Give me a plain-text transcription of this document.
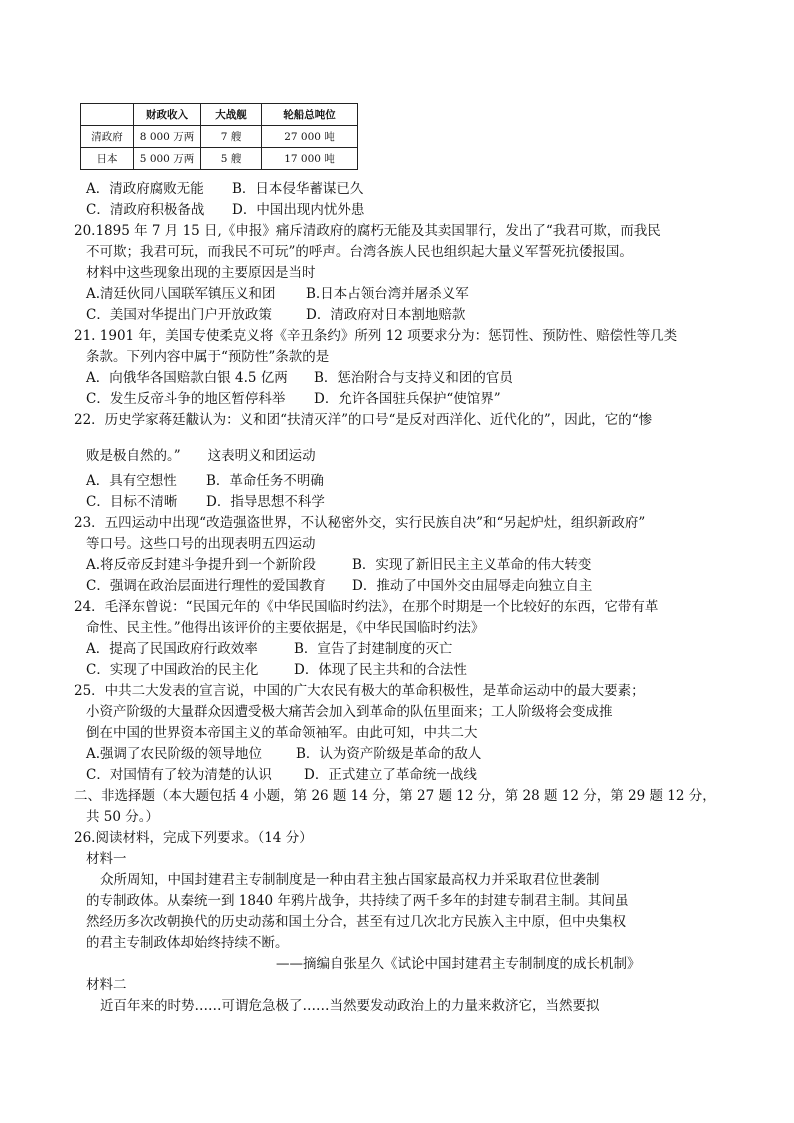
	财政收入	大战舰	轮船总吨位
清政府	8 000 万两	7 艘	27 000 吨
日本	5 000 万两	5 艘	17 000 吨
A．清政府腐败无能 B．日本侵华蓄谋已久
C．清政府积极备战 D．中国出现内忧外患
20.1895 年 7 月 15 日,《申报》痛斥清政府的腐朽无能及其卖国罪行，发出了“我君可欺，而我民
不可欺；我君可玩，而我民不可玩”的呼声。台湾各族人民也组织起大量义军誓死抗倭报国。
材料中这些现象出现的主要原因是当时
A.清廷伙同八国联军镇压义和团 B.日本占领台湾并屠杀义军
C．美国对华提出门户开放政策	D．清政府对日本割地赔款
21. 1901 年，美国专使柔克义将《辛丑条约》所列 12 项要求分为：惩罚性、预防性、赔偿性等几类
条款。下列内容中属于“预防性”条款的是
A．向俄华各国赔款白银 4.5 亿两 B．惩治附合与支持义和团的官员
C．发生反帝斗争的地区暂停科举 D．允许各国驻兵保护“使馆界”
22．历史学家蒋廷黻认为：义和团“扶清灭洋”的口号“是反对西洋化、近代化的”，因此，它的“惨
败是极自然的。”　　这表明义和团运动
A．具有空想性 B．革命任务不明确
C．目标不清晰 D．指导思想不科学
23．五四运动中出现“改造强盗世界，不认秘密外交，实行民族自决”和“另起炉灶，组织新政府”
等口号。这些口号的出现表明五四运动
A.将反帝反封建斗争提升到一个新阶段	B．实现了新旧民主主义革命的伟大转变
C．强调在政治层面进行理性的爱国教育 D．推动了中国外交由屈辱走向独立自主
24．毛泽东曾说：“民国元年的《中华民国临时约法》，在那个时期是一个比较好的东西，它带有革
命性、民主性。”他得出该评价的主要依据是，《中华民国临时约法》
A．提高了民国政府行政效率	B．宣告了封建制度的灭亡
C．实现了中国政治的民主化	D．体现了民主共和的合法性
25．中共二大发表的宣言说，中国的广大农民有极大的革命积极性，是革命运动中的最大要素；
小资产阶级的大量群众因遭受极大痛苦会加入到革命的队伍里面来；工人阶级将会变成推
倒在中国的世界资本帝国主义的革命领袖军。由此可知，中共二大
A.强调了农民阶级的领导地位	B．认为资产阶级是革命的敌人
C．对国情有了较为清楚的认识 D．正式建立了革命统一战线
二、非选择题（本大题包括 4 小题，第 26 题 14 分，第 27 题 12 分，第 28 题 12 分，第 29 题 12 分，
共 50 分。）
26.阅读材料，完成下列要求。（14 分）
材料一
众所周知，中国封建君主专制制度是一种由君主独占国家最高权力并采取君位世袭制
的专制政体。从秦统一到 1840 年鸦片战争，共持续了两千多年的封建专制君主制。其间虽
然经历多次改朝换代的历史动荡和国土分合，甚至有过几次北方民族入主中原，但中央集权
的君主专制政体却始终持续不断。
——摘编自张星久《试论中国封建君主专制制度的成长机制》
材料二
近百年来的时势……可谓危急极了……当然要发动政治上的力量来救济它，当然要拟
